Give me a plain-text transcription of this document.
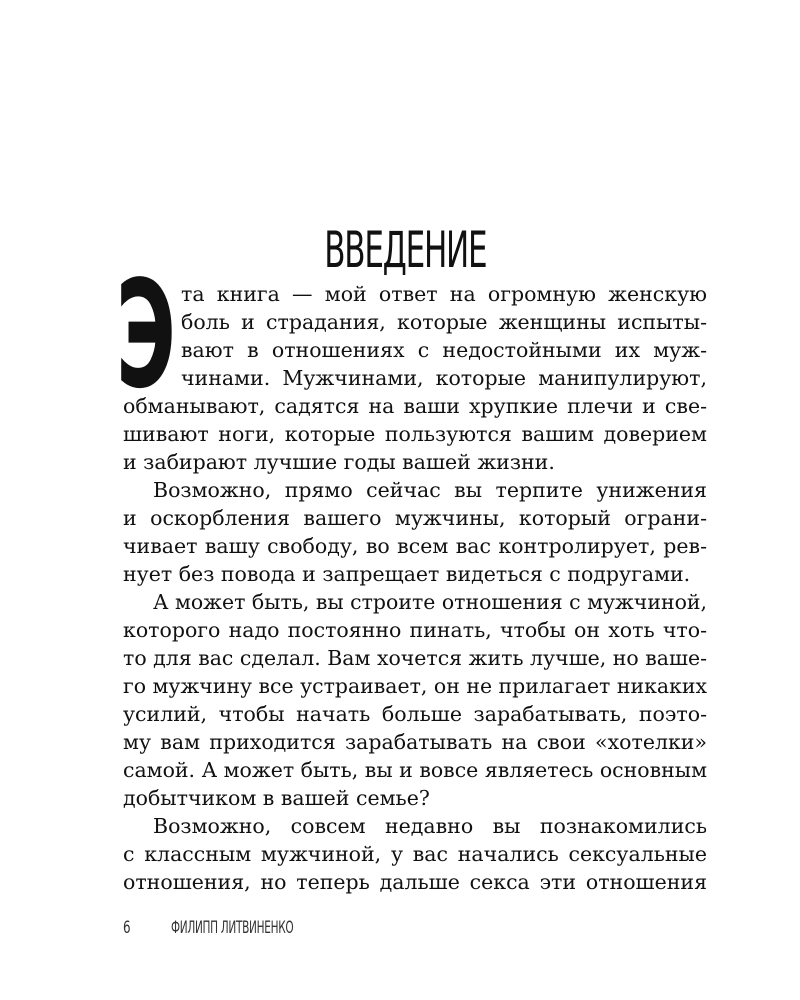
ВВЕДЕНИЕ
Э та книга — мой ответ на огромную женскую
боль и страдания, которые женщины испыты-
вают в отношениях с недостойными их муж-
чинами. Мужчинами, которые манипулируют,
обманывают, садятся на ваши хрупкие плечи и све-
шивают ноги, которые пользуются вашим доверием
и забирают лучшие годы вашей жизни.
Возможно, прямо сейчас вы терпите унижения
и оскорбления вашего мужчины, который ограни-
чивает вашу свободу, во всем вас контролирует, рев-
нует без повода и запрещает видеться с подругами.
А может быть, вы строите отношения с мужчиной,
которого надо постоянно пинать, чтобы он хоть что-
то для вас сделал. Вам хочется жить лучше, но ваше-
го мужчину все устраивает, он не прилагает никаких
усилий, чтобы начать больше зарабатывать, поэто-
му вам приходится зарабатывать на свои «хотелки»
самой. А может быть, вы и вовсе являетесь основным
добытчиком в вашей семье?
Возможно, совсем недавно вы познакомились
с классным мужчиной, у вас начались сексуальные
отношения, но теперь дальше секса эти отношения
6 ФИЛИПП ЛИТВИНЕНКО
